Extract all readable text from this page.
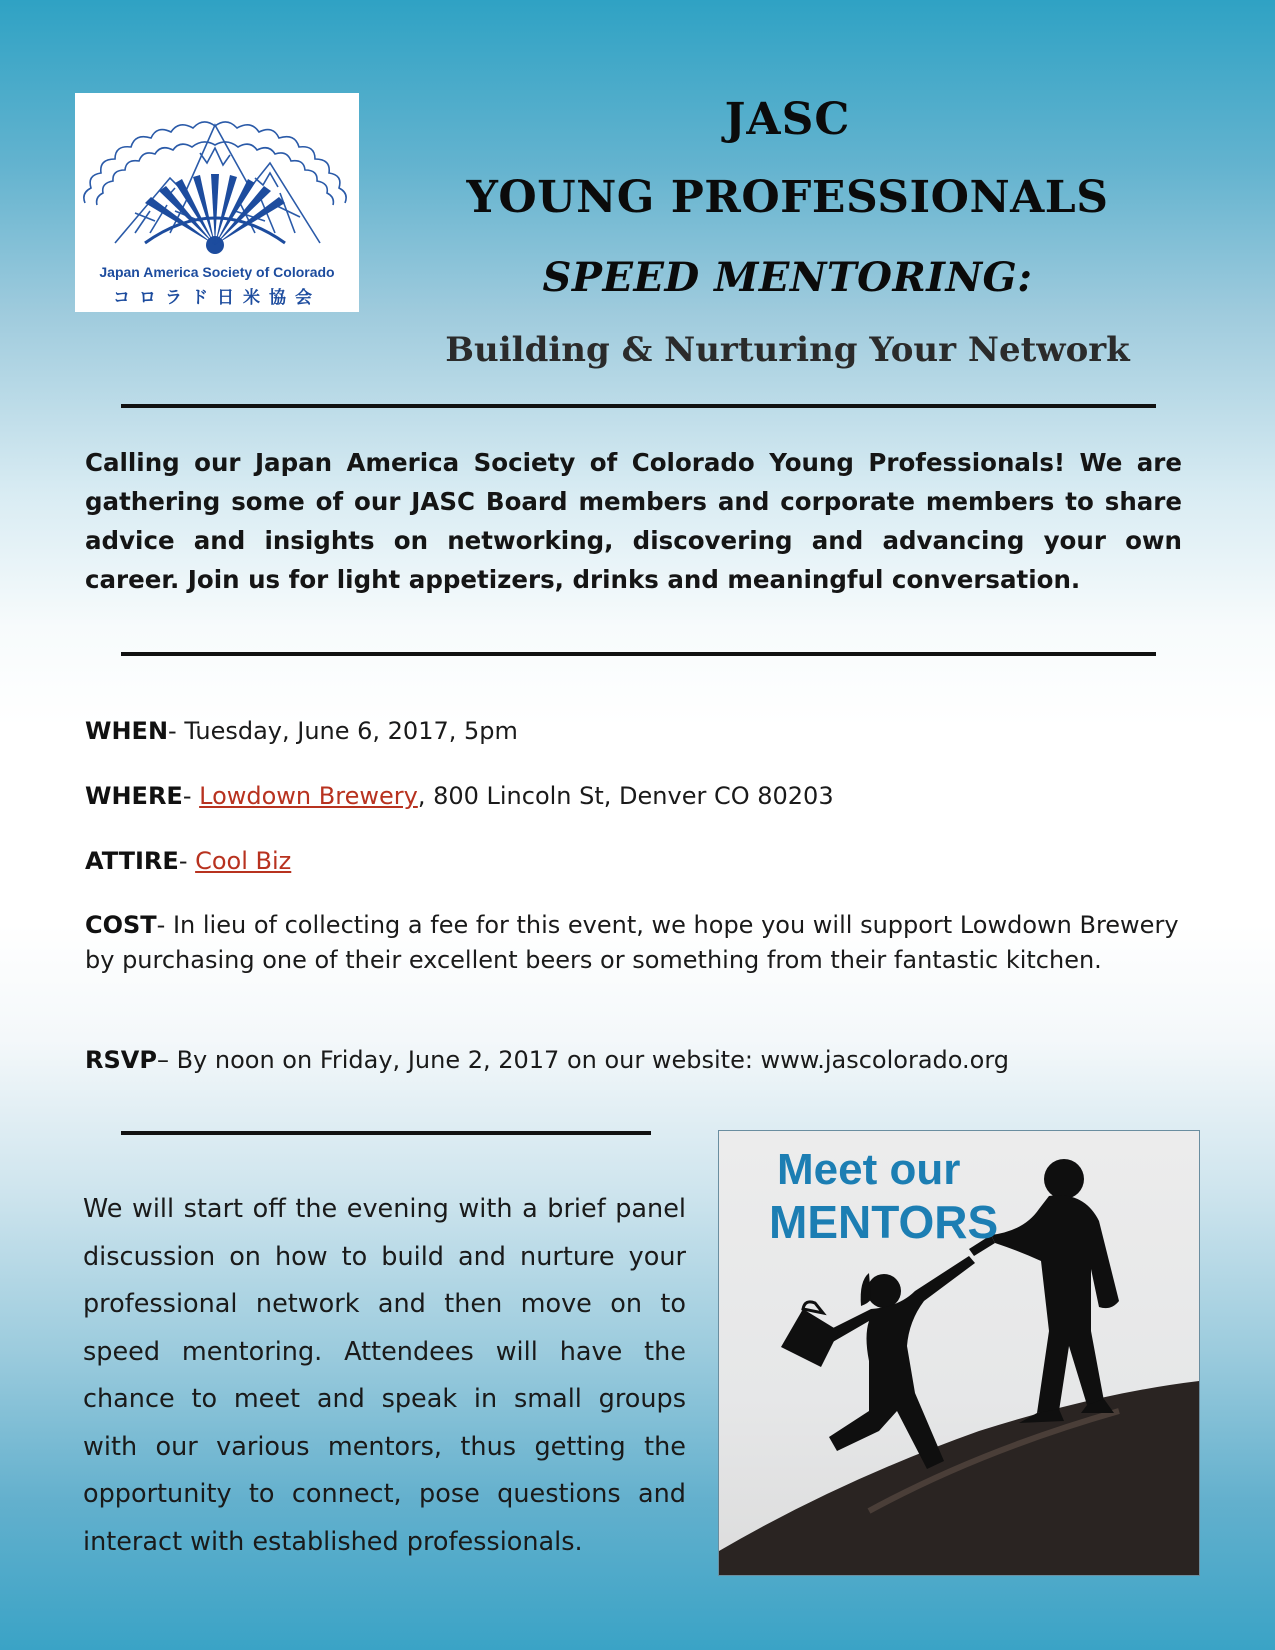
Japan America Society of Colorado
コロラド日米協会
JASC
YOUNG PROFESSIONALS
SPEED MENTORING:
Building & Nurturing Your Network
Calling our Japan America Society of Colorado Young Professionals! We are gathering some of our JASC Board members and corporate members to share advice and insights on networking, discovering and advancing your own career. Join us for light appetizers, drinks and meaningful conversation.
WHEN- Tuesday, June 6, 2017, 5pm
WHERE- Lowdown Brewery, 800 Lincoln St, Denver CO 80203
ATTIRE- Cool Biz
COST- In lieu of collecting a fee for this event, we hope you will support Lowdown Brewery by purchasing one of their excellent beers or something from their fantastic kitchen.
RSVP– By noon on Friday, June 2, 2017 on our website: www.jascolorado.org
We will start off the evening with a brief panel discussion on how to build and nurture your professional network and then move on to speed mentoring. Attendees will have the chance to meet and speak in small groups with our various mentors, thus getting the opportunity to connect, pose questions and interact with established professionals.
Meet our
MENTORS
